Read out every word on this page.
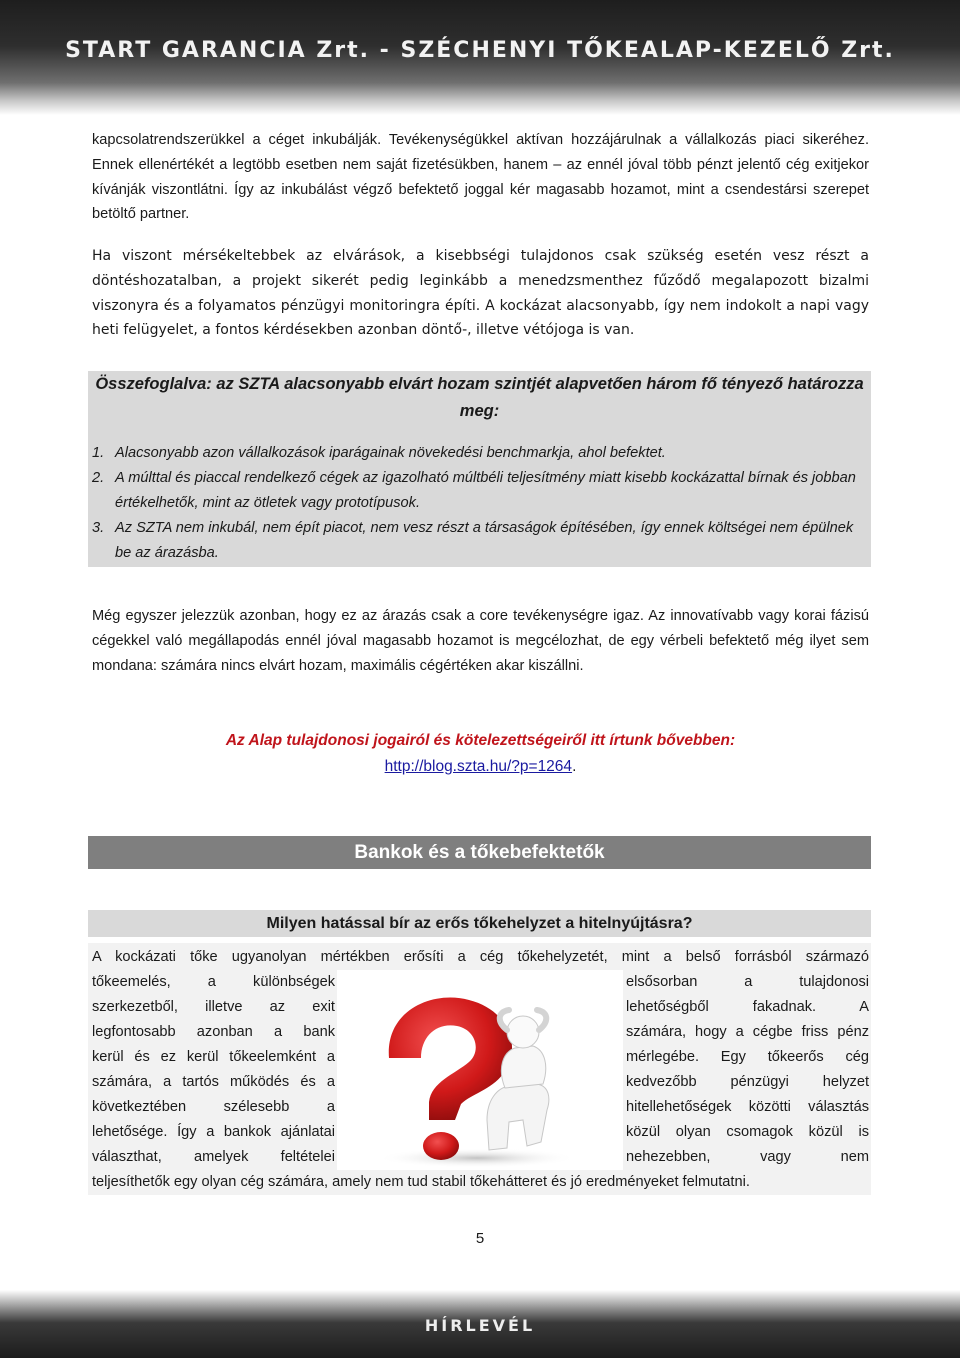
START GARANCIA Zrt. - SZÉCHENYI TŐKEALAP-KEZELŐ Zrt.
kapcsolatrendszerükkel a céget inkubálják. Tevékenységükkel aktívan hozzájárulnak a vállalkozás piaci sikeréhez. Ennek ellenértékét a legtöbb esetben nem saját fizetésükben, hanem – az ennél jóval több pénzt jelentő cég exitjekor kívánják viszontlátni. Így az inkubálást végző befektető joggal kér magasabb hozamot, mint a csendestársi szerepet betöltő partner.
Ha viszont mérsékeltebbek az elvárások, a kisebbségi tulajdonos csak szükség esetén vesz részt a döntéshozatalban, a projekt sikerét pedig leginkább a menedzsmenthez fűződő megalapozott bizalmi viszonyra és a folyamatos pénzügyi monitoringra építi. A kockázat alacsonyabb, így nem indokolt a napi vagy heti felügyelet, a fontos kérdésekben azonban döntő-, illetve vétójoga is van.
Összefoglalva: az SZTA alacsonyabb elvárt hozam szintjét alapvetően három fő tényező határozza meg:
1. Alacsonyabb azon vállalkozások iparágainak növekedési benchmarkja, ahol befektet.
2. A múlttal és piaccal rendelkező cégek az igazolható múltbéli teljesítmény miatt kisebb kockázattal bírnak és jobban értékelhetők, mint az ötletek vagy prototípusok.
3. Az SZTA nem inkubál, nem épít piacot, nem vesz részt a társaságok építésében, így ennek költségei nem épülnek be az árazásba.
Még egyszer jelezzük azonban, hogy ez az árazás csak a core tevékenységre igaz. Az innovatívabb vagy korai fázisú cégekkel való megállapodás ennél jóval magasabb hozamot is megcélozhat, de egy vérbeli befektető még ilyet sem mondana: számára nincs elvárt hozam, maximális cégértéken akar kiszállni.
Az Alap tulajdonosi jogairól és kötelezettségeiről itt írtunk bővebben:
http://blog.szta.hu/?p=1264.
Bankok és a tőkebefektetők
Milyen hatással bír az erős tőkehelyzet a hitelnyújtásra?
A kockázati tőke ugyanolyan mértékben erősíti a cég tőkehelyzetét, mint a belső forrásból származó
tőkeemelés, a különbségek
szerkezetből, illetve az exit
legfontosabb azonban a bank
kerül és ez kerül tőkeelemként a
számára, a tartós működés és a
következtében szélesebb a
lehetősége. Így a bankok ajánlatai
választhat, amelyek feltételei
elsősorban a tulajdonosi
lehetőségből fakadnak. A
számára, hogy a cégbe friss pénz
mérlegébe. Egy tőkeerős cég
kedvezőbb pénzügyi helyzet
hitellehetőségek közötti választás
közül olyan csomagok közül is
nehezebben, vagy nem
teljesíthetők egy olyan cég számára, amely nem tud stabil tőkehátteret és jó eredményeket felmutatni.
5
HÍRLEVÉL
